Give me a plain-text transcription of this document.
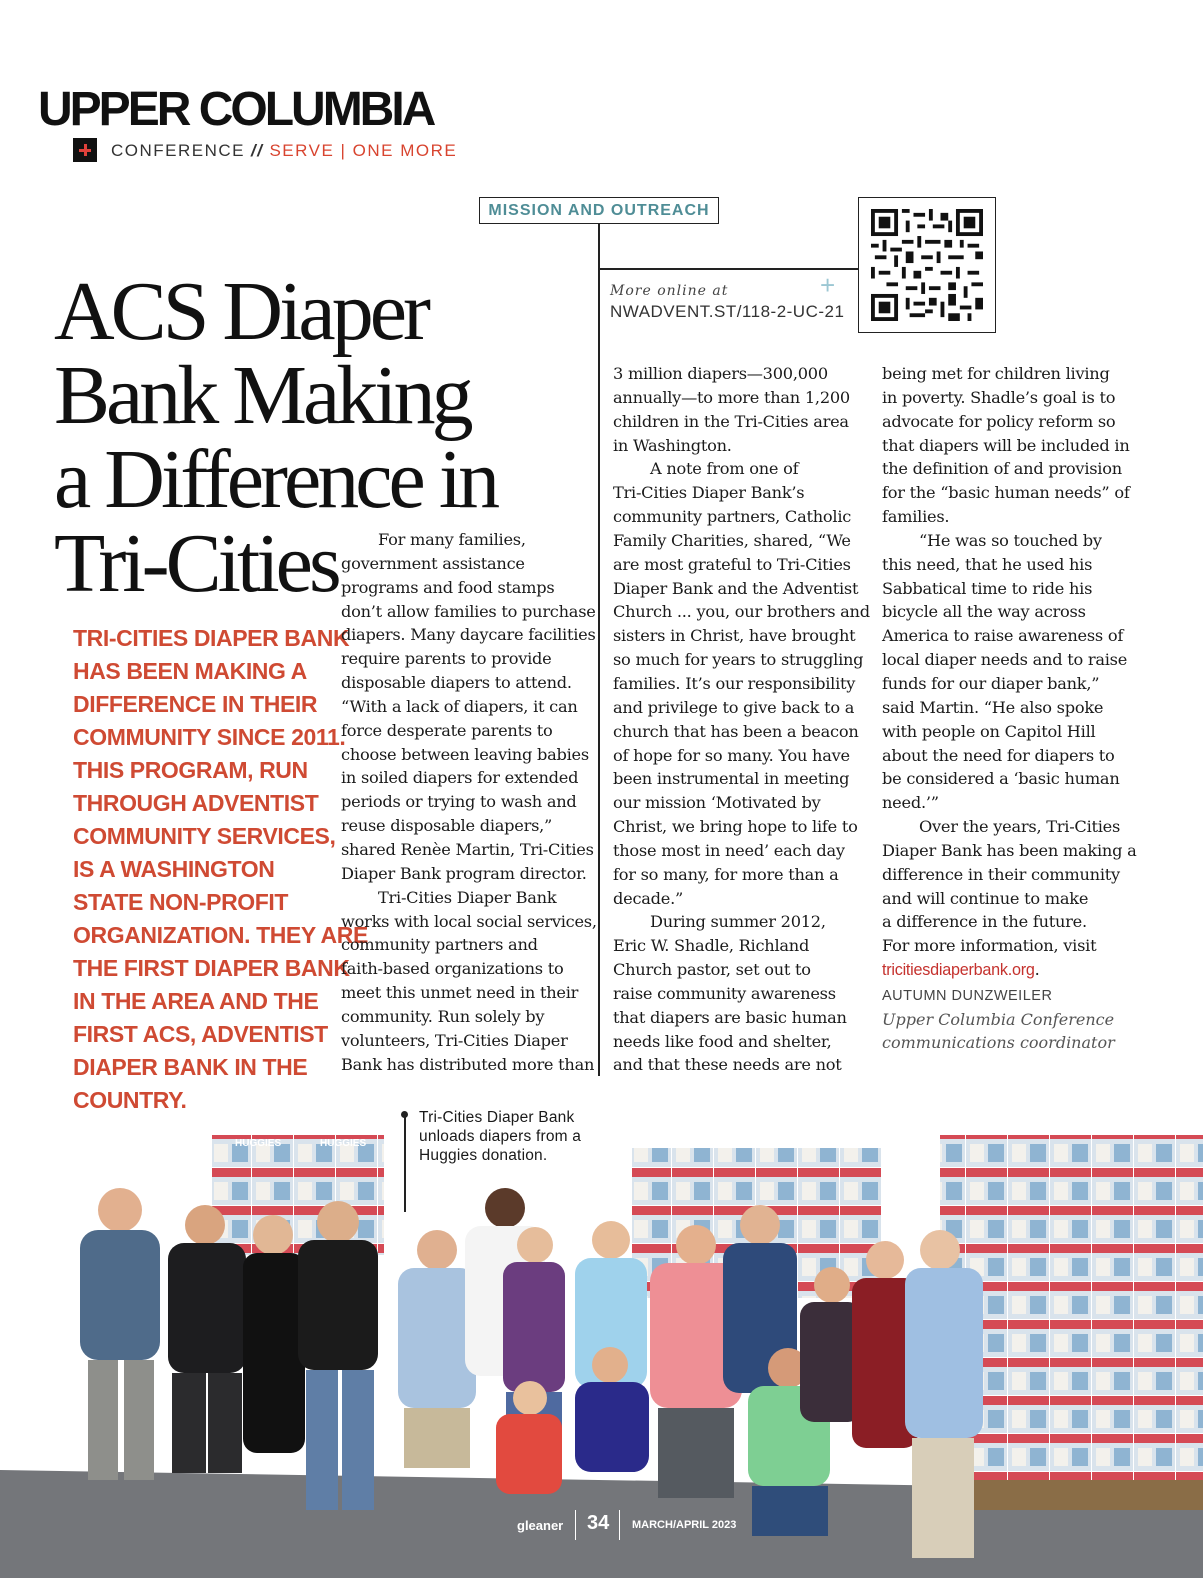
UPPER COLUMBIA
CONFERENCE // SERVE | ONE MORE
MISSION AND OUTREACH
More online at
NWADVENT.ST/118-2-UC-21
+
ACS Diaper
Bank Making
a Difference in
Tri-Cities
TRI-CITIES DIAPER BANK
HAS BEEN MAKING A
DIFFERENCE IN THEIR
COMMUNITY SINCE 2011.
THIS PROGRAM, RUN
THROUGH ADVENTIST
COMMUNITY SERVICES,
IS A WASHINGTON
STATE NON-PROFIT
ORGANIZATION. THEY ARE
THE FIRST DIAPER BANK
IN THE AREA AND THE
FIRST ACS, ADVENTIST
DIAPER BANK IN THE
COUNTRY.
For many families,
government assistance
programs and food stamps
don’t allow families to purchase
diapers. Many daycare facilities
require parents to provide
disposable diapers to attend.
“With a lack of diapers, it can
force desperate parents to
choose between leaving babies
in soiled diapers for extended
periods or trying to wash and
reuse disposable diapers,”
shared Renèe Martin, Tri-Cities
Diaper Bank program director.
Tri-Cities Diaper Bank
works with local social services,
community partners and
faith-based organizations to
meet this unmet need in their
community. Run solely by
volunteers, Tri-Cities Diaper
Bank has distributed more than
3 million diapers—300,000
annually—to more than 1,200
children in the Tri-Cities area
in Washington.
A note from one of
Tri-Cities Diaper Bank’s
community partners, Catholic
Family Charities, shared, “We
are most grateful to Tri-Cities
Diaper Bank and the Adventist
Church ... you, our brothers and
sisters in Christ, have brought
so much for years to struggling
families. It’s our responsibility
and privilege to give back to a
church that has been a beacon
of hope for so many. You have
been instrumental in meeting
our mission ‘Motivated by
Christ, we bring hope to life to
those most in need’ each day
for so many, for more than a
decade.”
During summer 2012,
Eric W. Shadle, Richland
Church pastor, set out to
raise community awareness
that diapers are basic human
needs like food and shelter,
and that these needs are not
being met for children living
in poverty. Shadle’s goal is to
advocate for policy reform so
that diapers will be included in
the definition of and provision
for the “basic human needs” of
families.
“He was so touched by
this need, that he used his
Sabbatical time to ride his
bicycle all the way across
America to raise awareness of
local diaper needs and to raise
funds for our diaper bank,”
said Martin. “He also spoke
with people on Capitol Hill
about the need for diapers to
be considered a ‘basic human
need.’”
Over the years, Tri-Cities
Diaper Bank has been making a
difference in their community
and will continue to make
a difference in the future.
For more information, visit
tricitiesdiaperbank.org.
AUTUMN DUNZWEILER
Upper Columbia Conference
communications coordinator
HUGGIES	HUGGIES
Tri-Cities Diaper Bank
unloads diapers from a
Huggies donation.
gleaner 34 MARCH/APRIL 2023
